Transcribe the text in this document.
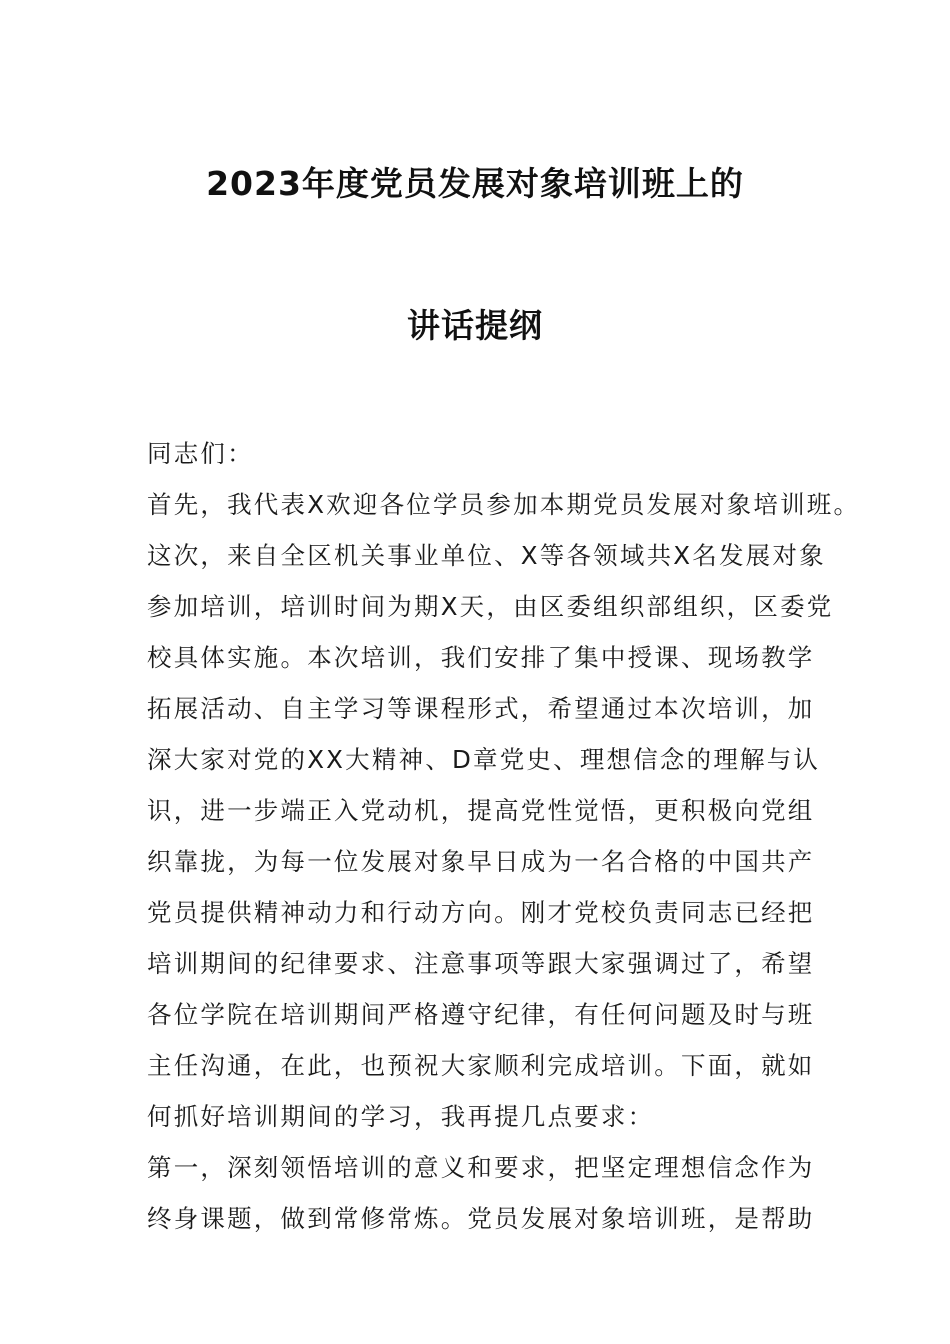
2023年度党员发展对象培训班上的
讲话提纲
同志们：
首先，我代表X欢迎各位学员参加本期党员发展对象培训班。
这次，来自全区机关事业单位、X等各领域共X名发展对象
参加培训，培训时间为期X天，由区委组织部组织，区委党
校具体实施。本次培训，我们安排了集中授课、现场教学
拓展活动、自主学习等课程形式，希望通过本次培训，加
深大家对党的XX大精神、D章党史、理想信念的理解与认
识，进一步端正入党动机，提高党性觉悟，更积极向党组
织靠拢，为每一位发展对象早日成为一名合格的中国共产
党员提供精神动力和行动方向。刚才党校负责同志已经把
培训期间的纪律要求、注意事项等跟大家强调过了，希望
各位学院在培训期间严格遵守纪律，有任何问题及时与班
主任沟通，在此，也预祝大家顺利完成培训。下面，就如
何抓好培训期间的学习，我再提几点要求：
第一，深刻领悟培训的意义和要求，把坚定理想信念作为
终身课题，做到常修常炼。党员发展对象培训班，是帮助
